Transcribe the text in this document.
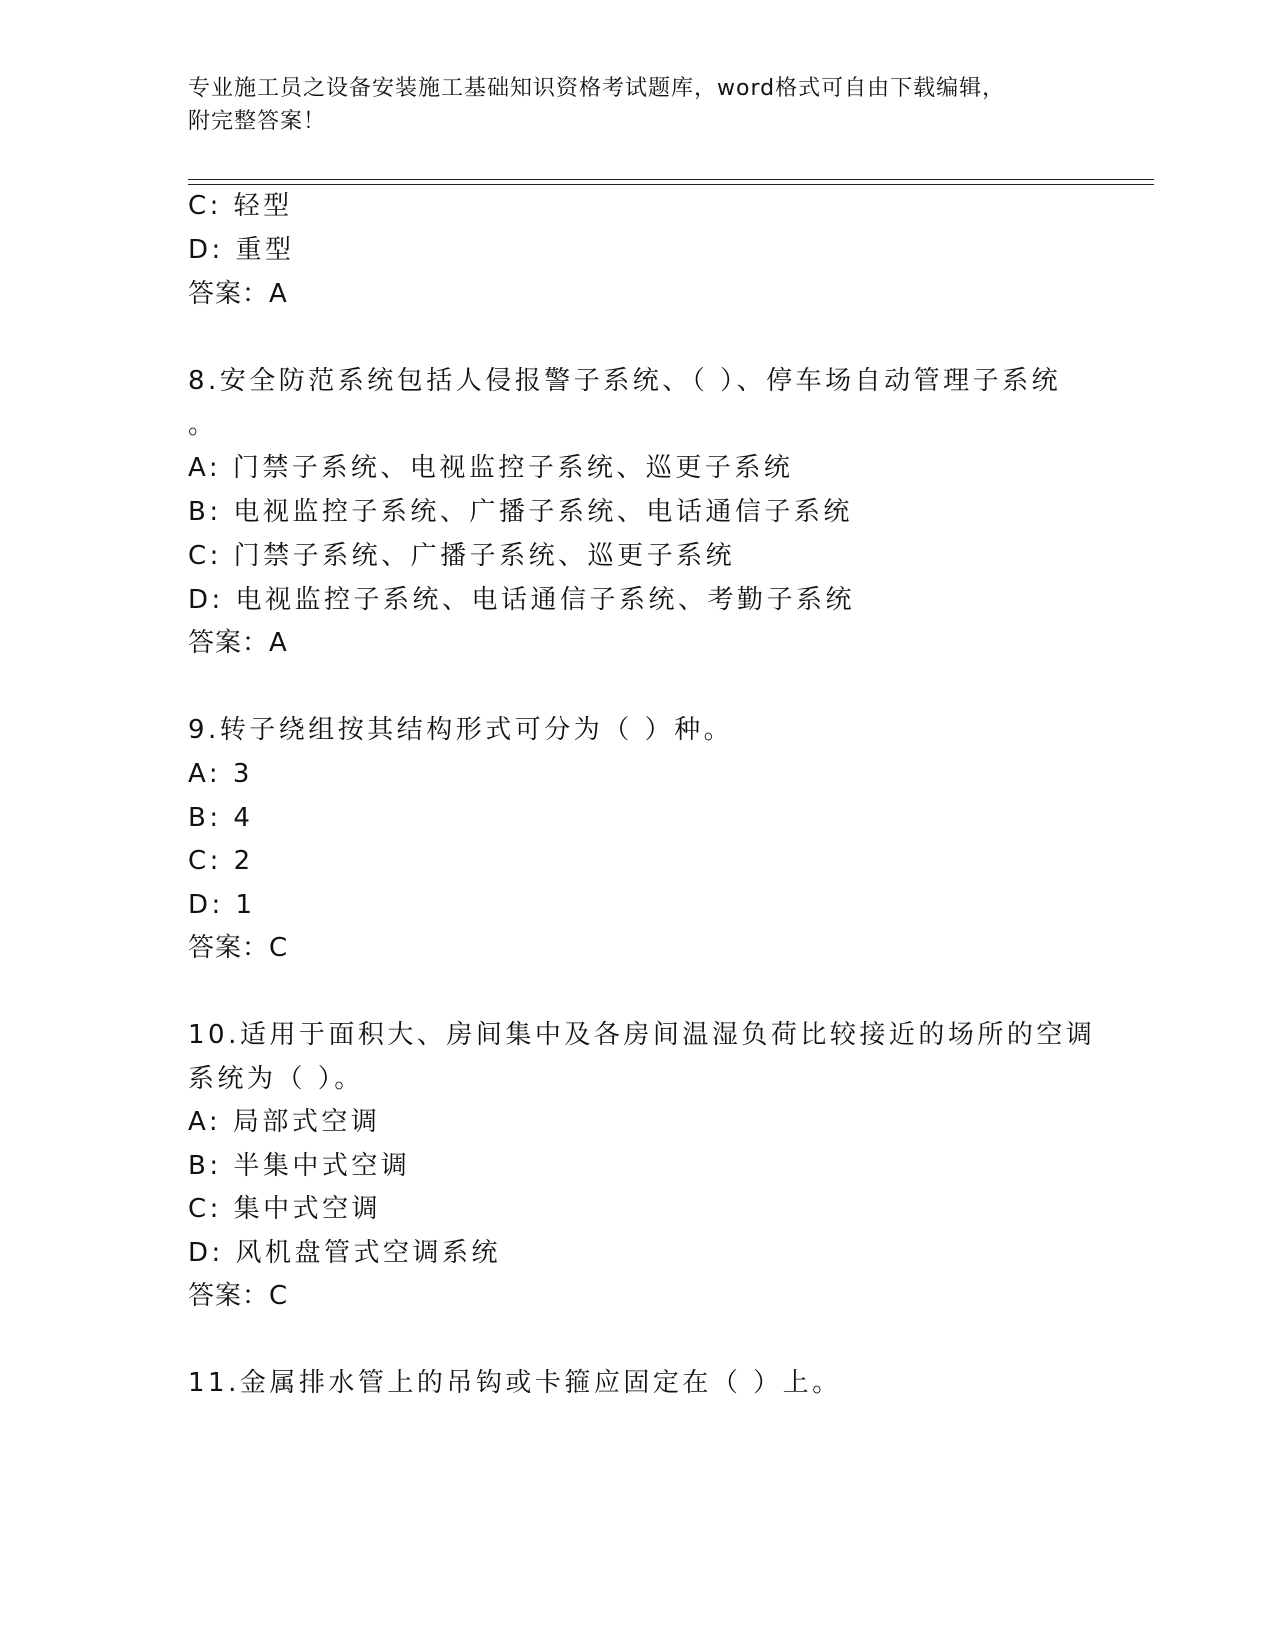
专业施工员之设备安装施工基础知识资格考试题库，word格式可自由下载编辑，
附完整答案！
C: 轻型
D: 重型
答案：A
8.安全防范系统包括人侵报警子系统、（ ）、停车场自动管理子系统
。
A: 门禁子系统、电视监控子系统、巡更子系统
B: 电视监控子系统、广播子系统、电话通信子系统
C: 门禁子系统、广播子系统、巡更子系统
D: 电视监控子系统、电话通信子系统、考勤子系统
答案：A
9.转子绕组按其结构形式可分为（ ）种。
A: 3
B: 4
C: 2
D: 1
答案：C
10.适用于面积大、房间集中及各房间温湿负荷比较接近的场所的空调
系统为（ ）。
A: 局部式空调
B: 半集中式空调
C: 集中式空调
D: 风机盘管式空调系统
答案：C
11.金属排水管上的吊钩或卡箍应固定在（ ）上。
